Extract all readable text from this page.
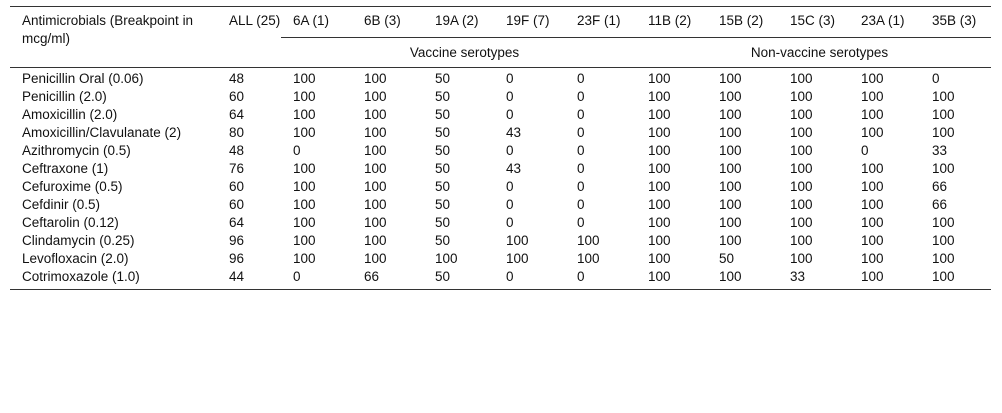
Antimicrobials (Breakpoint in mcg/ml)	ALL (25)	6A (1)	6B (3)	19A (2)	19F (7)	23F (1)	11B (2)	15B (2)	15C (3)	23A (1)	35B (3)
		Vaccine serotypes					Non-vaccine serotypes				

Penicillin Oral (0.06)	48	100	100	50	0	0	100	100	100	100	0
Penicillin (2.0)	60	100	100	50	0	0	100	100	100	100	100
Amoxicillin (2.0)	64	100	100	50	0	0	100	100	100	100	100
Amoxicillin/Clavulanate (2)	80	100	100	50	43	0	100	100	100	100	100
Azithromycin (0.5)	48	0	100	50	0	0	100	100	100	0	33
Ceftraxone (1)	76	100	100	50	43	0	100	100	100	100	100
Cefuroxime (0.5)	60	100	100	50	0	0	100	100	100	100	66
Cefdinir (0.5)	60	100	100	50	0	0	100	100	100	100	66
Ceftarolin (0.12)	64	100	100	50	0	0	100	100	100	100	100
Clindamycin (0.25)	96	100	100	50	100	100	100	100	100	100	100
Levofloxacin (2.0)	96	100	100	100	100	100	100	50	100	100	100
Cotrimoxazole (1.0)	44	0	66	50	0	0	100	100	33	100	100
